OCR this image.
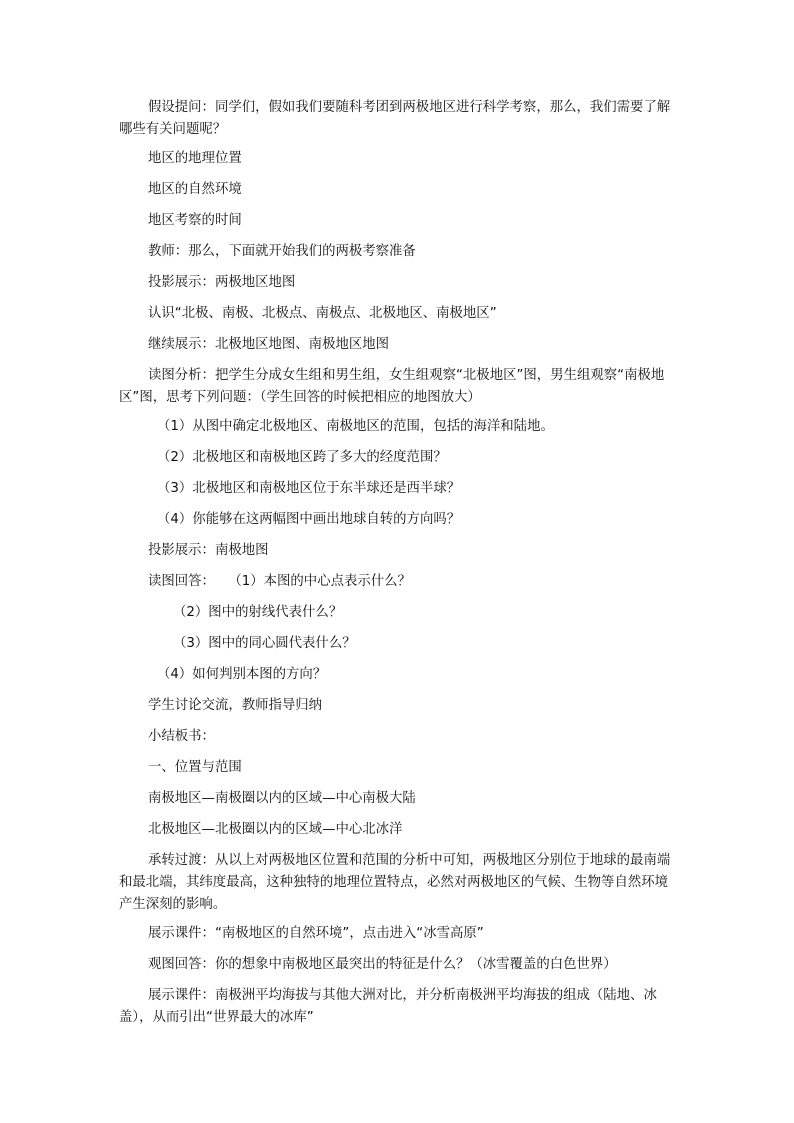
假设提问：同学们，假如我们要随科考团到两极地区进行科学考察，那么，我们需要了解哪些有关问题呢？

地区的地理位置

地区的自然环境

地区考察的时间

教师：那么，下面就开始我们的两极考察准备

投影展示：两极地区地图

认识“北极、南极、北极点、南极点、北极地区、南极地区”

继续展示：北极地区地图、南极地区地图

读图分析：把学生分成女生组和男生组，女生组观察“北极地区”图，男生组观察“南极地区”图，思考下列问题：（学生回答的时候把相应的地图放大）

（1）从图中确定北极地区、南极地区的范围，包括的海洋和陆地。

（2）北极地区和南极地区跨了多大的经度范围？

（3）北极地区和南极地区位于东半球还是西半球？

（4）你能够在这两幅图中画出地球自转的方向吗？

投影展示：南极地图

读图回答：　　（1）本图的中心点表示什么？

（2）图中的射线代表什么？

（3）图中的同心圆代表什么？

（4）如何判别本图的方向？

学生讨论交流，教师指导归纳

小结板书：

一、位置与范围

南极地区—南极圈以内的区域—中心南极大陆

北极地区—北极圈以内的区域—中心北冰洋

承转过渡：从以上对两极地区位置和范围的分析中可知，两极地区分别位于地球的最南端和最北端，其纬度最高，这种独特的地理位置特点，必然对两极地区的气候、生物等自然环境产生深刻的影响。

展示课件：“南极地区的自然环境”，点击进入“冰雪高原”

观图回答：你的想象中南极地区最突出的特征是什么？（冰雪覆盖的白色世界）

展示课件：南极洲平均海拔与其他大洲对比，并分析南极洲平均海拔的组成（陆地、冰盖），从而引出“世界最大的冰库”
